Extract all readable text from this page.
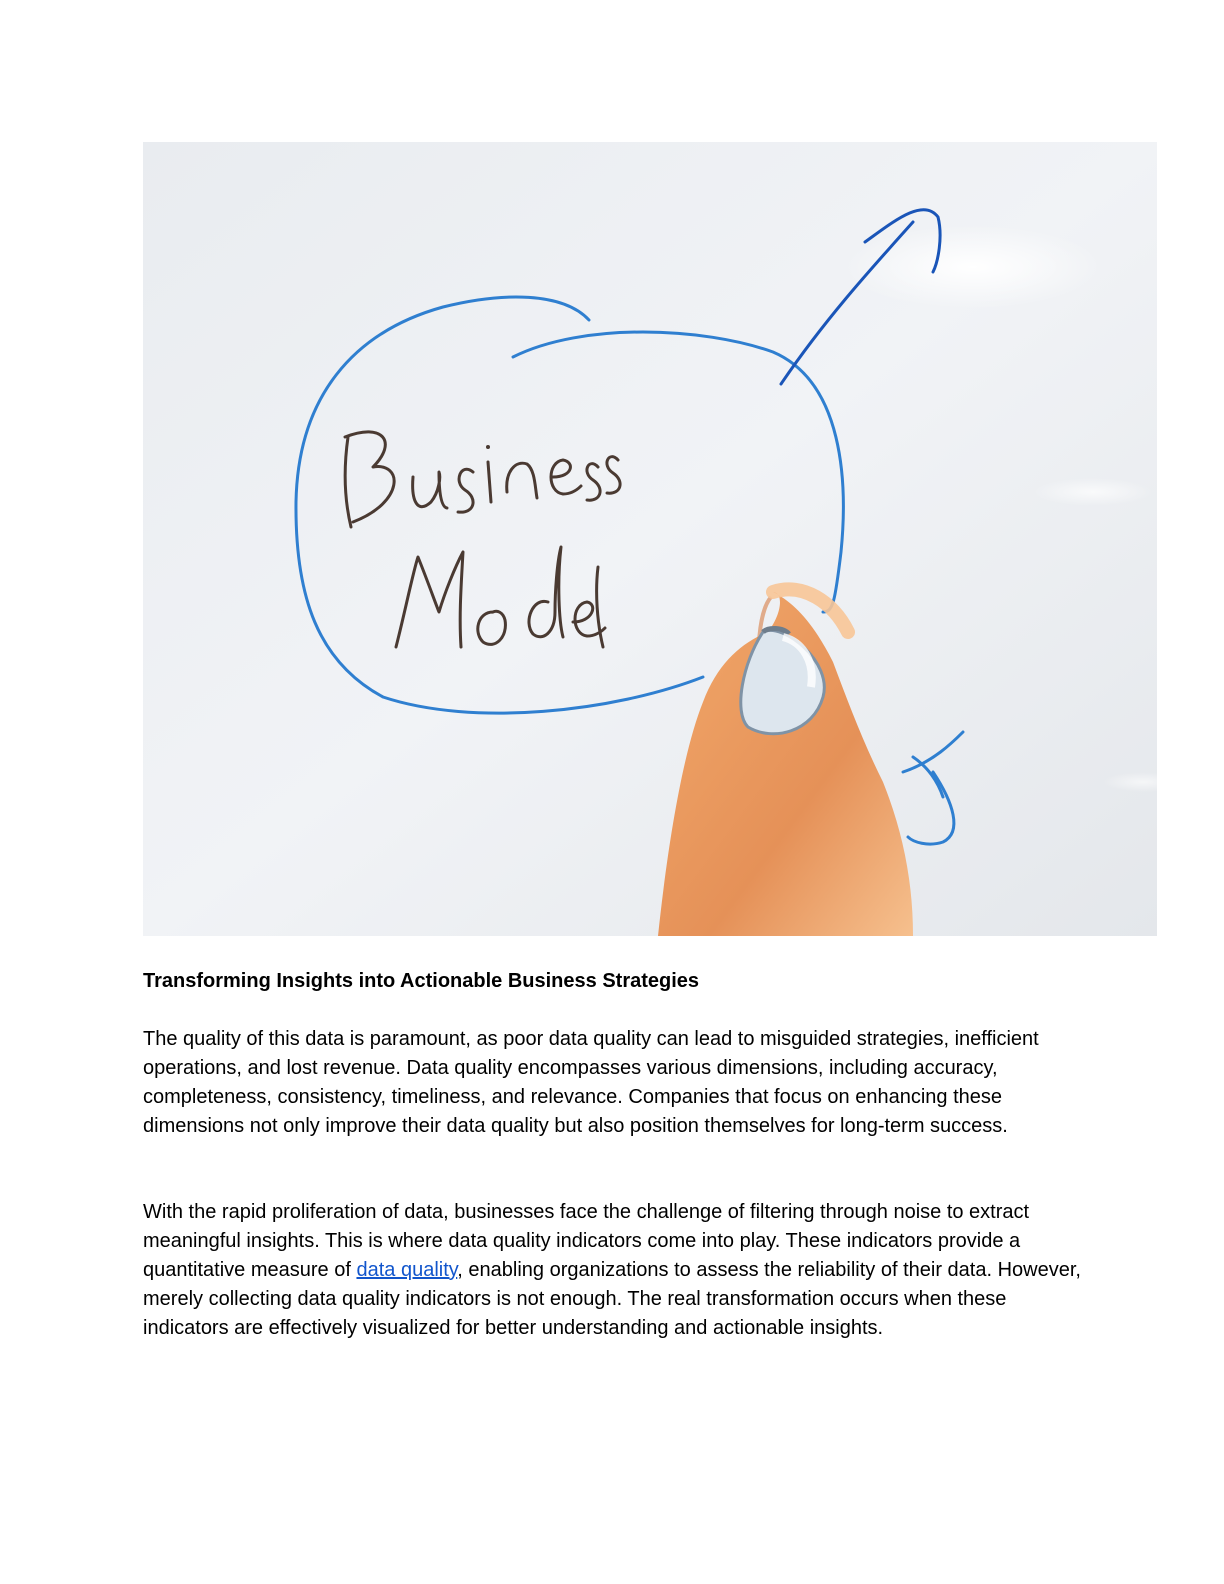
Transforming Insights into Actionable Business Strategies

The quality of this data is paramount, as poor data quality can lead to misguided strategies, inefficient operations, and lost revenue. Data quality encompasses various dimensions, including accuracy, completeness, consistency, timeliness, and relevance. Companies that focus on enhancing these dimensions not only improve their data quality but also position themselves for long-term success.

With the rapid proliferation of data, businesses face the challenge of filtering through noise to extract meaningful insights. This is where data quality indicators come into play. These indicators provide a quantitative measure of data quality, enabling organizations to assess the reliability of their data. However, merely collecting data quality indicators is not enough. The real transformation occurs when these indicators are effectively visualized for better understanding and actionable insights.
